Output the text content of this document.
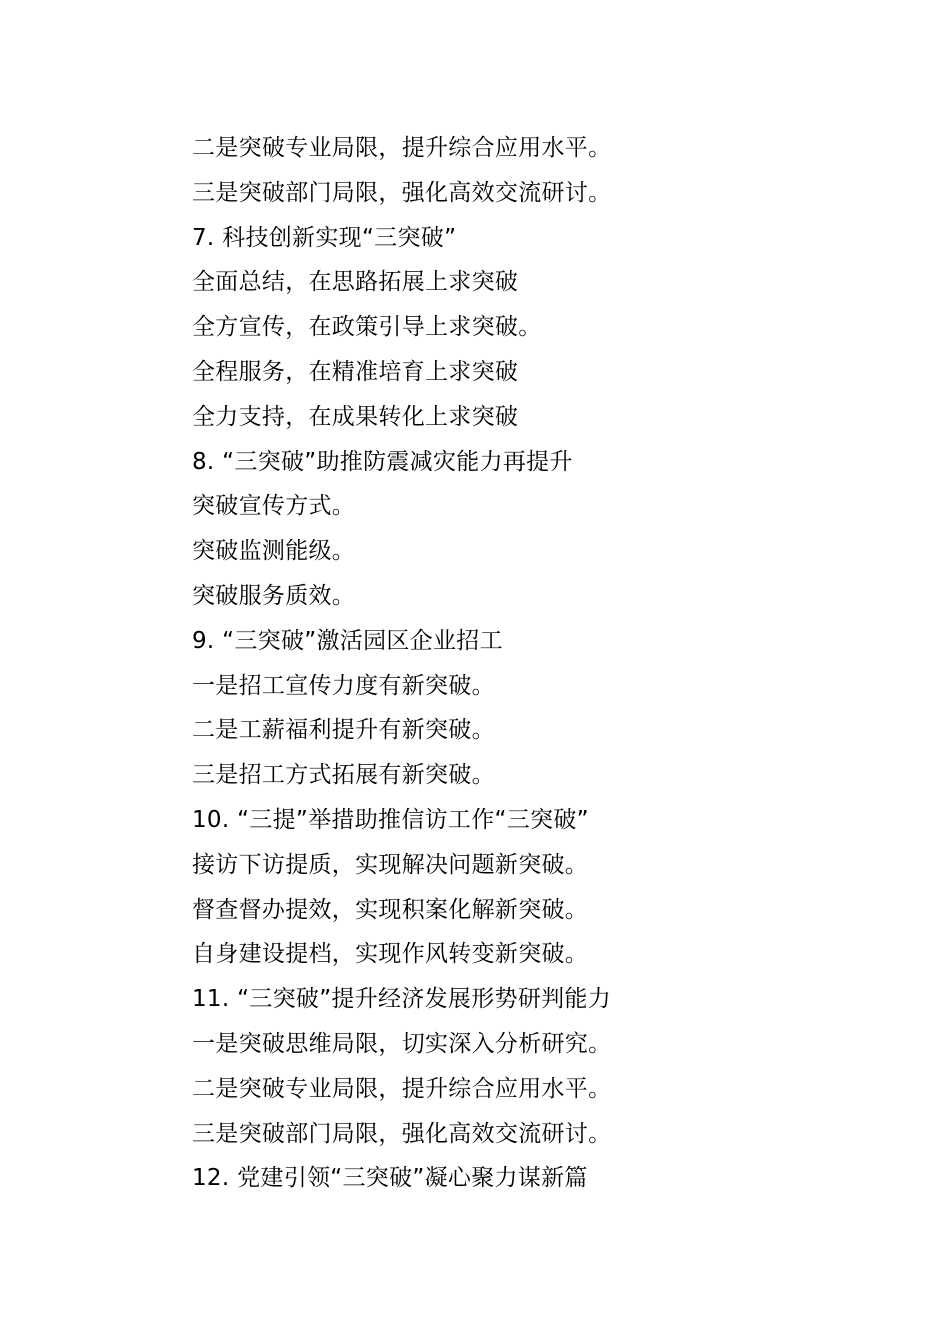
二是突破专业局限，提升综合应用水平。
三是突破部门局限，强化高效交流研讨。
7. 科技创新实现“三突破”
全面总结，在思路拓展上求突破
全方宣传，在政策引导上求突破。
全程服务，在精准培育上求突破
全力支持，在成果转化上求突破
8. “三突破”助推防震减灾能力再提升
突破宣传方式。
突破监测能级。
突破服务质效。
9. “三突破”激活园区企业招工
一是招工宣传力度有新突破。
二是工薪福利提升有新突破。
三是招工方式拓展有新突破。
10. “三提”举措助推信访工作“三突破”
接访下访提质，实现解决问题新突破。
督查督办提效，实现积案化解新突破。
自身建设提档，实现作风转变新突破。
11. “三突破”提升经济发展形势研判能力
一是突破思维局限，切实深入分析研究。
二是突破专业局限，提升综合应用水平。
三是突破部门局限，强化高效交流研讨。
12. 党建引领“三突破”凝心聚力谋新篇
